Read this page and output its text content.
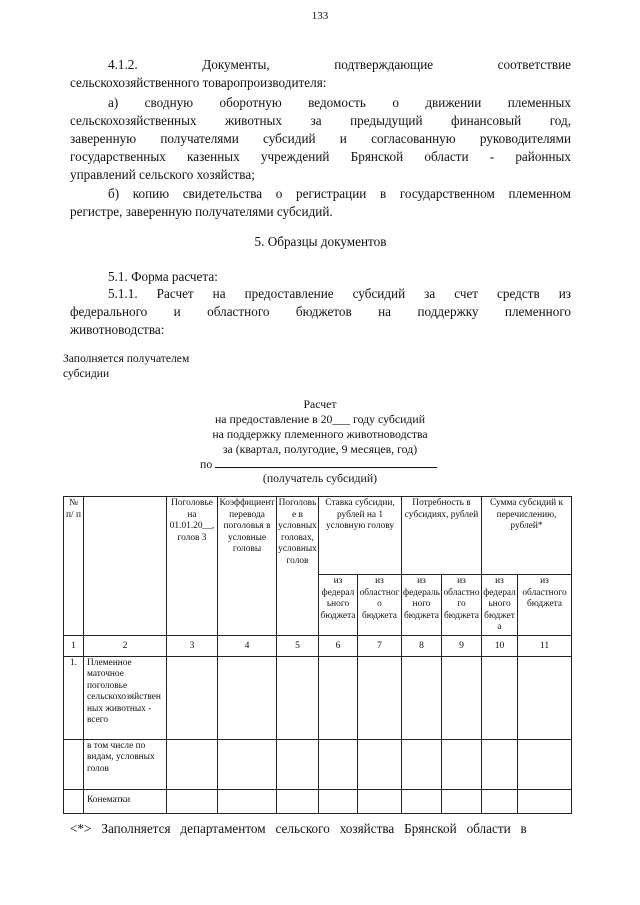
133
4.1.2. Документы, подтверждающие соответствие
сельскохозяйственного товаропроизводителя:
а) сводную оборотную ведомость о движении племенных
сельскохозяйственных животных за предыдущий финансовый год,
заверенную получателями субсидий и согласованную руководителями
государственных казенных учреждений Брянской области - районных
управлений сельского хозяйства;
б) копию свидетельства о регистрации в государственном племенном
регистре, заверенную получателями субсидий.
5. Образцы документов
5.1. Форма расчета:
5.1.1. Расчет на предоставление субсидий за счет средств из
федерального и областного бюджетов на поддержку племенного
животноводства:
Заполняется получателем
субсидии
Расчет
на предоставление в 20___ году субсидий
на поддержку племенного животноводства
за (квартал, полугодие, 9 месяцев, год)
по
(получатель субсидий)
№ п/ п		Поголовье на 01.01.20__, голов 3	Коэффициент перевода поголовья в условные головы	Поголовье в условных головах, условных голов	Ставка субсидии, рублей на 1 условную голову		Потребность в субсидиях, рублей		Сумма субсидий к перечислению, рублей*	
					из федерального бюджета	из областного бюджета	из федерального бюджета	из областного бюджета	из федерального бюджета	из областного бюджета
1	2	3	4	5	6	7	8	9	10	11
1.	Племенное маточное поголовье сельскохозяйственных животных - всего									
	в том числе по видам, условных голов									
	Конематки									
<*>   Заполняется   департаментом   сельского   хозяйства   Брянской   области   в
